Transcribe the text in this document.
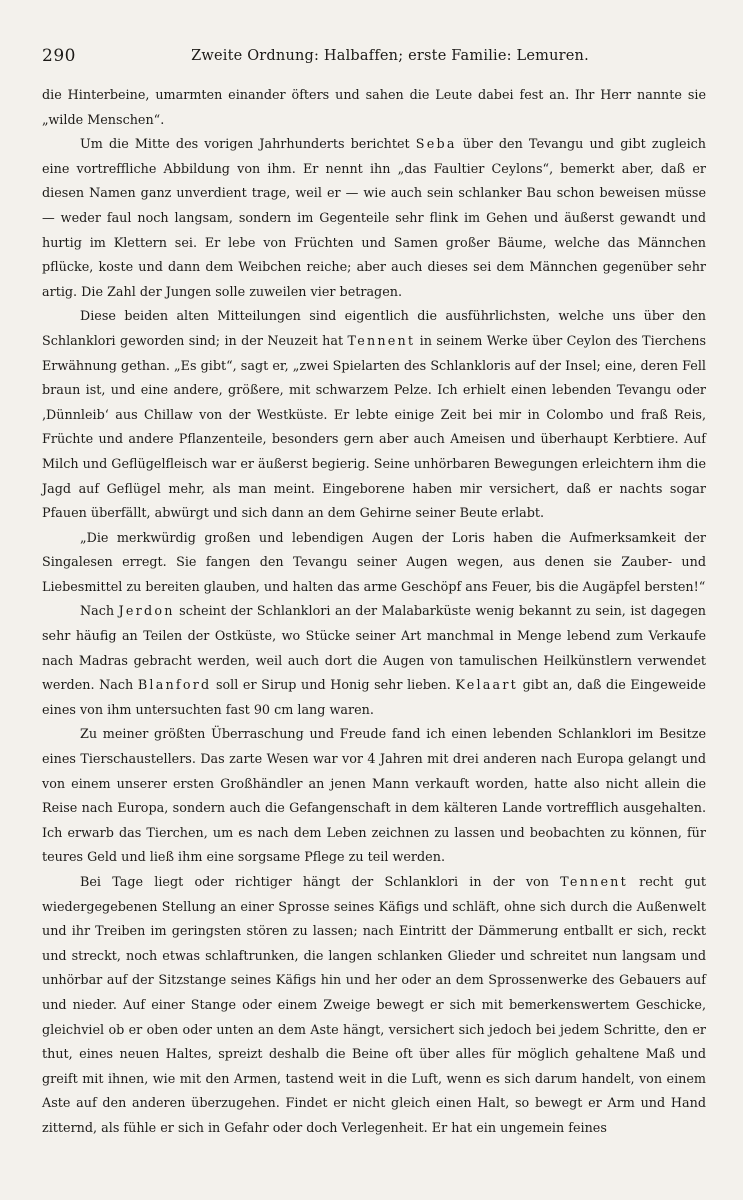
290	Zweite Ordnung: Halbaffen; erste Familie: Lemuren.

die Hinterbeine, umarmten einander öfters und sahen die Leute dabei fest an. Ihr Herr nannte sie „wilde Menschen“.

Um die Mitte des vorigen Jahrhunderts berichtet Seba über den Tevangu und gibt zugleich eine vortreffliche Abbildung von ihm. Er nennt ihn „das Faultier Ceylons“, bemerkt aber, daß er diesen Namen ganz unverdient trage, weil er — wie auch sein schlanker Bau schon beweisen müsse — weder faul noch langsam, sondern im Gegenteile sehr flink im Gehen und äußerst gewandt und hurtig im Klettern sei. Er lebe von Früchten und Samen großer Bäume, welche das Männchen pflücke, koste und dann dem Weibchen reiche; aber auch dieses sei dem Männchen gegenüber sehr artig. Die Zahl der Jungen solle zuweilen vier betragen.

Diese beiden alten Mitteilungen sind eigentlich die ausführlichsten, welche uns über den Schlanklori geworden sind; in der Neuzeit hat Tennent in seinem Werke über Ceylon des Tierchens Erwähnung gethan. „Es gibt“, sagt er, „zwei Spielarten des Schlankloris auf der Insel; eine, deren Fell braun ist, und eine andere, größere, mit schwarzem Pelze. Ich erhielt einen lebenden Tevangu oder ‚Dünnleib‘ aus Chillaw von der Westküste. Er lebte einige Zeit bei mir in Colombo und fraß Reis, Früchte und andere Pflanzenteile, besonders gern aber auch Ameisen und überhaupt Kerbtiere. Auf Milch und Geflügelfleisch war er äußerst begierig. Seine unhörbaren Bewegungen erleichtern ihm die Jagd auf Geflügel mehr, als man meint. Eingeborene haben mir versichert, daß er nachts sogar Pfauen überfällt, abwürgt und sich dann an dem Gehirne seiner Beute erlabt.

„Die merkwürdig großen und lebendigen Augen der Loris haben die Aufmerksamkeit der Singalesen erregt. Sie fangen den Tevangu seiner Augen wegen, aus denen sie Zauber- und Liebesmittel zu bereiten glauben, und halten das arme Geschöpf ans Feuer, bis die Augäpfel bersten!“

Nach Jerdon scheint der Schlanklori an der Malabarküste wenig bekannt zu sein, ist dagegen sehr häufig an Teilen der Ostküste, wo Stücke seiner Art manchmal in Menge lebend zum Verkaufe nach Madras gebracht werden, weil auch dort die Augen von tamulischen Heilkünstlern verwendet werden. Nach Blanford soll er Sirup und Honig sehr lieben. Kelaart gibt an, daß die Eingeweide eines von ihm untersuchten fast 90 cm lang waren.

Zu meiner größten Überraschung und Freude fand ich einen lebenden Schlanklori im Besitze eines Tierschaustellers. Das zarte Wesen war vor 4 Jahren mit drei anderen nach Europa gelangt und von einem unserer ersten Großhändler an jenen Mann verkauft worden, hatte also nicht allein die Reise nach Europa, sondern auch die Gefangenschaft in dem kälteren Lande vortrefflich ausgehalten. Ich erwarb das Tierchen, um es nach dem Leben zeichnen zu lassen und beobachten zu können, für teures Geld und ließ ihm eine sorgsame Pflege zu teil werden.

Bei Tage liegt oder richtiger hängt der Schlanklori in der von Tennent recht gut wiedergegebenen Stellung an einer Sprosse seines Käfigs und schläft, ohne sich durch die Außenwelt und ihr Treiben im geringsten stören zu lassen; nach Eintritt der Dämmerung entballt er sich, reckt und streckt, noch etwas schlaftrunken, die langen schlanken Glieder und schreitet nun langsam und unhörbar auf der Sitzstange seines Käfigs hin und her oder an dem Sprossenwerke des Gebauers auf und nieder. Auf einer Stange oder einem Zweige bewegt er sich mit bemerkenswertem Geschicke, gleichviel ob er oben oder unten an dem Aste hängt, versichert sich jedoch bei jedem Schritte, den er thut, eines neuen Haltes, spreizt deshalb die Beine oft über alles für möglich gehaltene Maß und greift mit ihnen, wie mit den Armen, tastend weit in die Luft, wenn es sich darum handelt, von einem Aste auf den anderen überzugehen. Findet er nicht gleich einen Halt, so bewegt er Arm und Hand zitternd, als fühle er sich in Gefahr oder doch Verlegenheit. Er hat ein ungemein feines
